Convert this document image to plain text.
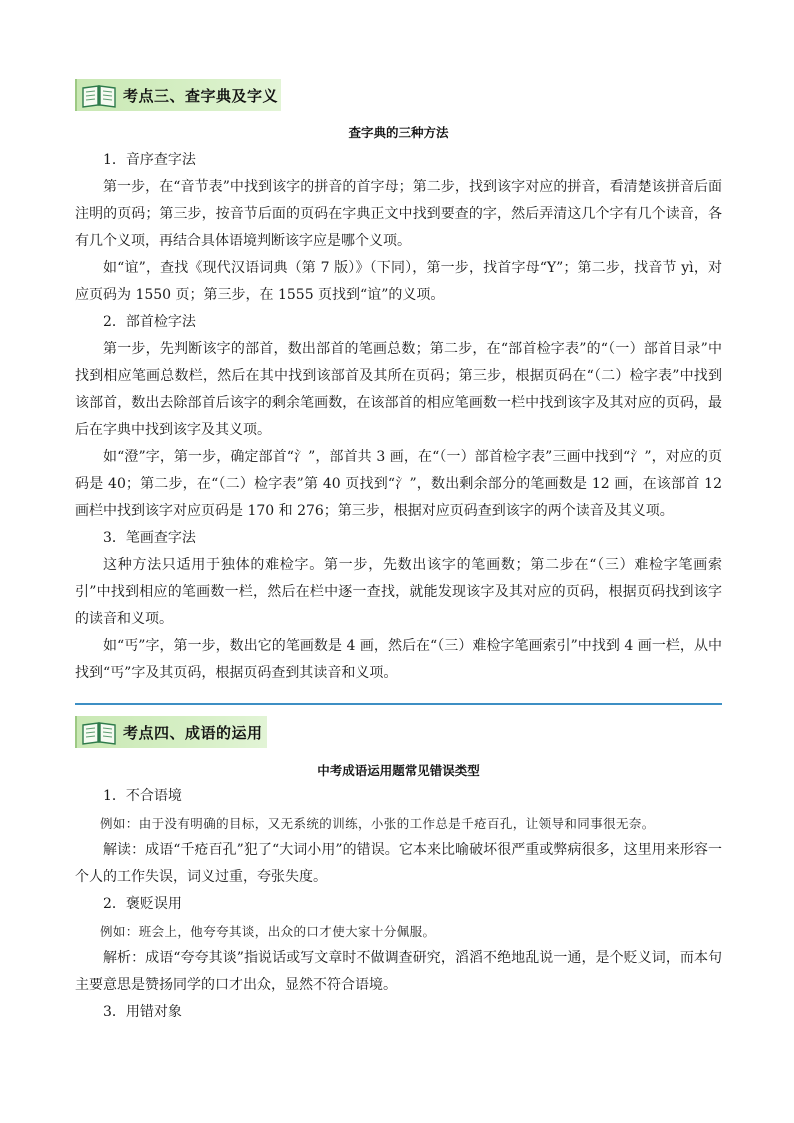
考点三、查字典及字义
查字典的三种方法

1．音序查字法

第一步，在“音节表”中找到该字的拼音的首字母；第二步，找到该字对应的拼音，看清楚该拼音后面注明的页码；第三步，按音节后面的页码在字典正文中找到要查的字，然后弄清这几个字有几个读音，各有几个义项，再结合具体语境判断该字应是哪个义项。

如“谊”，查找《现代汉语词典（第 7 版）》（下同），第一步，找首字母“Y”；第二步，找音节 yì，对应页码为 1550 页；第三步，在 1555 页找到“谊”的义项。

2．部首检字法

第一步，先判断该字的部首，数出部首的笔画总数；第二步，在“部首检字表”的“（一）部首目录”中找到相应笔画总数栏，然后在其中找到该部首及其所在页码；第三步，根据页码在“（二）检字表”中找到该部首，数出去除部首后该字的剩余笔画数，在该部首的相应笔画数一栏中找到该字及其对应的页码，最后在字典中找到该字及其义项。

如“澄”字，第一步，确定部首“氵”，部首共 3 画，在“（一）部首检字表”三画中找到“氵”，对应的页码是 40；第二步，在“（二）检字表”第 40 页找到“氵”，数出剩余部分的笔画数是 12 画，在该部首 12 画栏中找到该字对应页码是 170 和 276；第三步，根据对应页码查到该字的两个读音及其义项。

3．笔画查字法

这种方法只适用于独体的难检字。第一步，先数出该字的笔画数；第二步在“（三）难检字笔画索引”中找到相应的笔画数一栏，然后在栏中逐一查找，就能发现该字及其对应的页码，根据页码找到该字的读音和义项。

如“丐”字，第一步，数出它的笔画数是 4 画，然后在“（三）难检字笔画索引”中找到 4 画一栏，从中找到“丐”字及其页码，根据页码查到其读音和义项。

考点四、成语的运用
中考成语运用题常见错误类型

1．不合语境

例如：由于没有明确的目标，又无系统的训练，小张的工作总是千疮百孔，让领导和同事很无奈。

解读：成语“千疮百孔”犯了“大词小用”的错误。它本来比喻破坏很严重或弊病很多，这里用来形容一个人的工作失误，词义过重，夸张失度。

2．褒贬误用

例如：班会上，他夸夸其谈，出众的口才使大家十分佩服。

解析：成语“夸夸其谈”指说话或写文章时不做调查研究，滔滔不绝地乱说一通，是个贬义词，而本句主要意思是赞扬同学的口才出众，显然不符合语境。

3．用错对象
